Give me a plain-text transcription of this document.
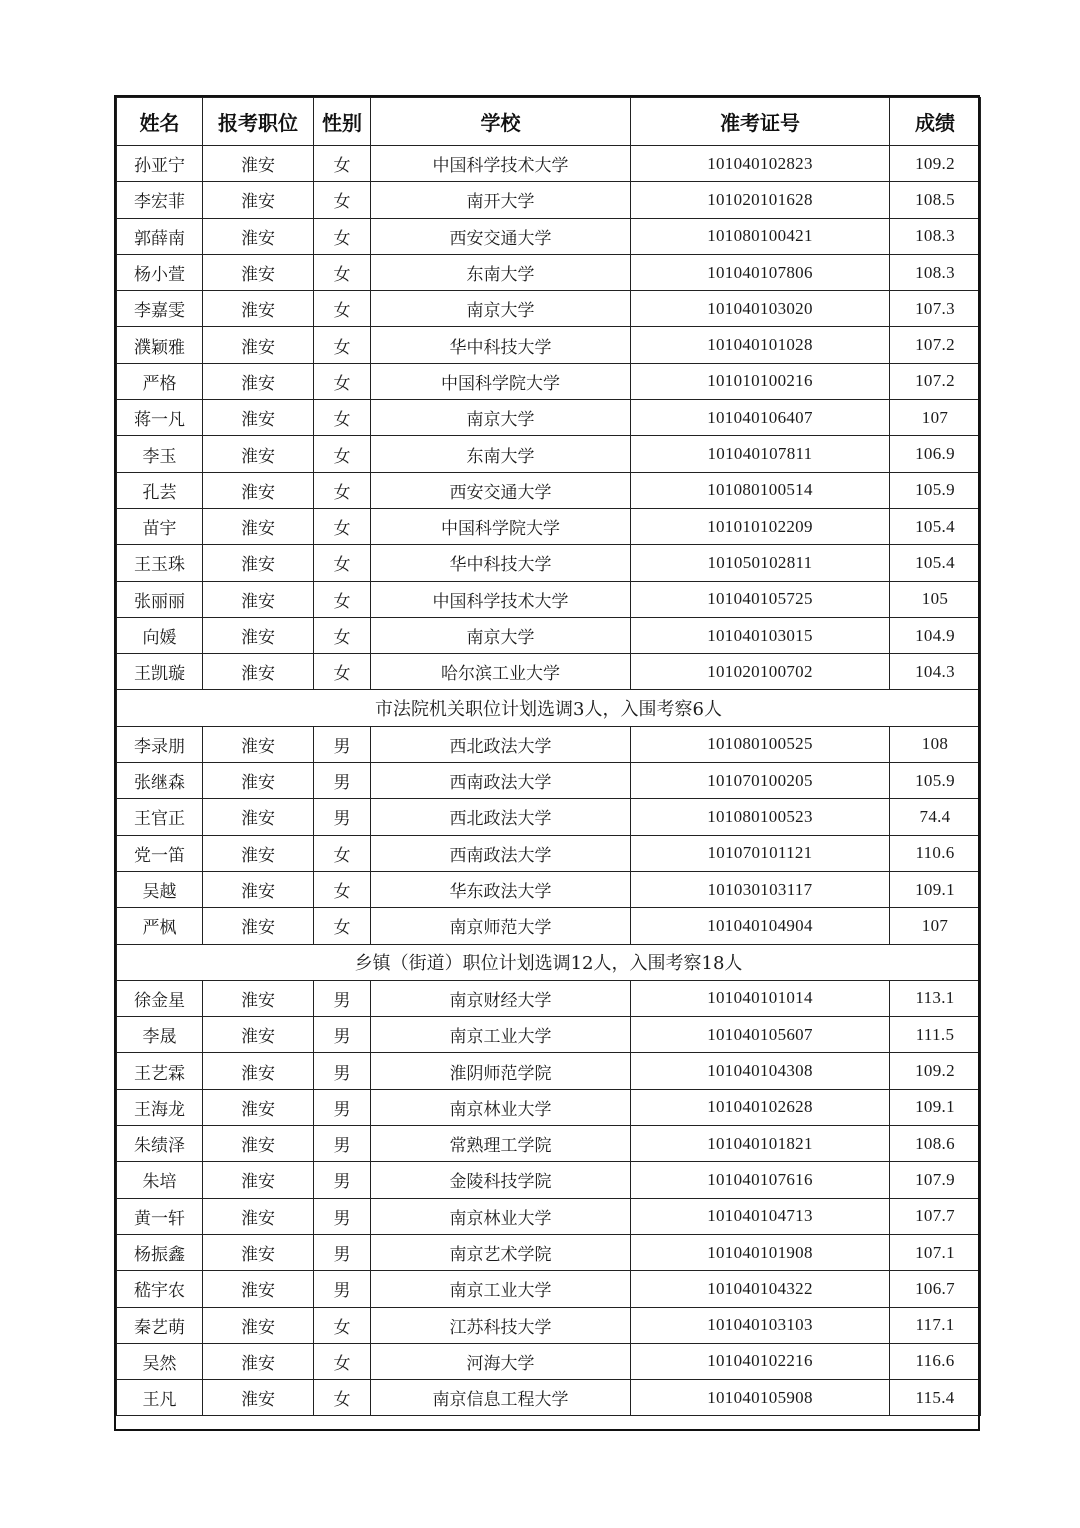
姓名	报考职位	性别	学校	准考证号	成绩
孙亚宁	淮安	女	中国科学技术大学	101040102823	109.2
李宏菲	淮安	女	南开大学	101020101628	108.5
郭薛南	淮安	女	西安交通大学	101080100421	108.3
杨小萱	淮安	女	东南大学	101040107806	108.3
李嘉雯	淮安	女	南京大学	101040103020	107.3
濮颖雅	淮安	女	华中科技大学	101040101028	107.2
严格	淮安	女	中国科学院大学	101010100216	107.2
蒋一凡	淮安	女	南京大学	101040106407	107
李玉	淮安	女	东南大学	101040107811	106.9
孔芸	淮安	女	西安交通大学	101080100514	105.9
苗宇	淮安	女	中国科学院大学	101010102209	105.4
王玉珠	淮安	女	华中科技大学	101050102811	105.4
张丽丽	淮安	女	中国科学技术大学	101040105725	105
向媛	淮安	女	南京大学	101040103015	104.9
王凯璇	淮安	女	哈尔滨工业大学	101020100702	104.3
市法院机关职位计划选调3人，入围考察6人					
李录朋	淮安	男	西北政法大学	101080100525	108
张继森	淮安	男	西南政法大学	101070100205	105.9
王官正	淮安	男	西北政法大学	101080100523	74.4
党一笛	淮安	女	西南政法大学	101070101121	110.6
吴越	淮安	女	华东政法大学	101030103117	109.1
严枫	淮安	女	南京师范大学	101040104904	107
乡镇（街道）职位计划选调12人，入围考察18人					
徐金星	淮安	男	南京财经大学	101040101014	113.1
李晟	淮安	男	南京工业大学	101040105607	111.5
王艺霖	淮安	男	淮阴师范学院	101040104308	109.2
王海龙	淮安	男	南京林业大学	101040102628	109.1
朱绩泽	淮安	男	常熟理工学院	101040101821	108.6
朱培	淮安	男	金陵科技学院	101040107616	107.9
黄一轩	淮安	男	南京林业大学	101040104713	107.7
杨振鑫	淮安	男	南京艺术学院	101040101908	107.1
嵇宇农	淮安	男	南京工业大学	101040104322	106.7
秦艺萌	淮安	女	江苏科技大学	101040103103	117.1
吴然	淮安	女	河海大学	101040102216	116.6
王凡	淮安	女	南京信息工程大学	101040105908	115.4
